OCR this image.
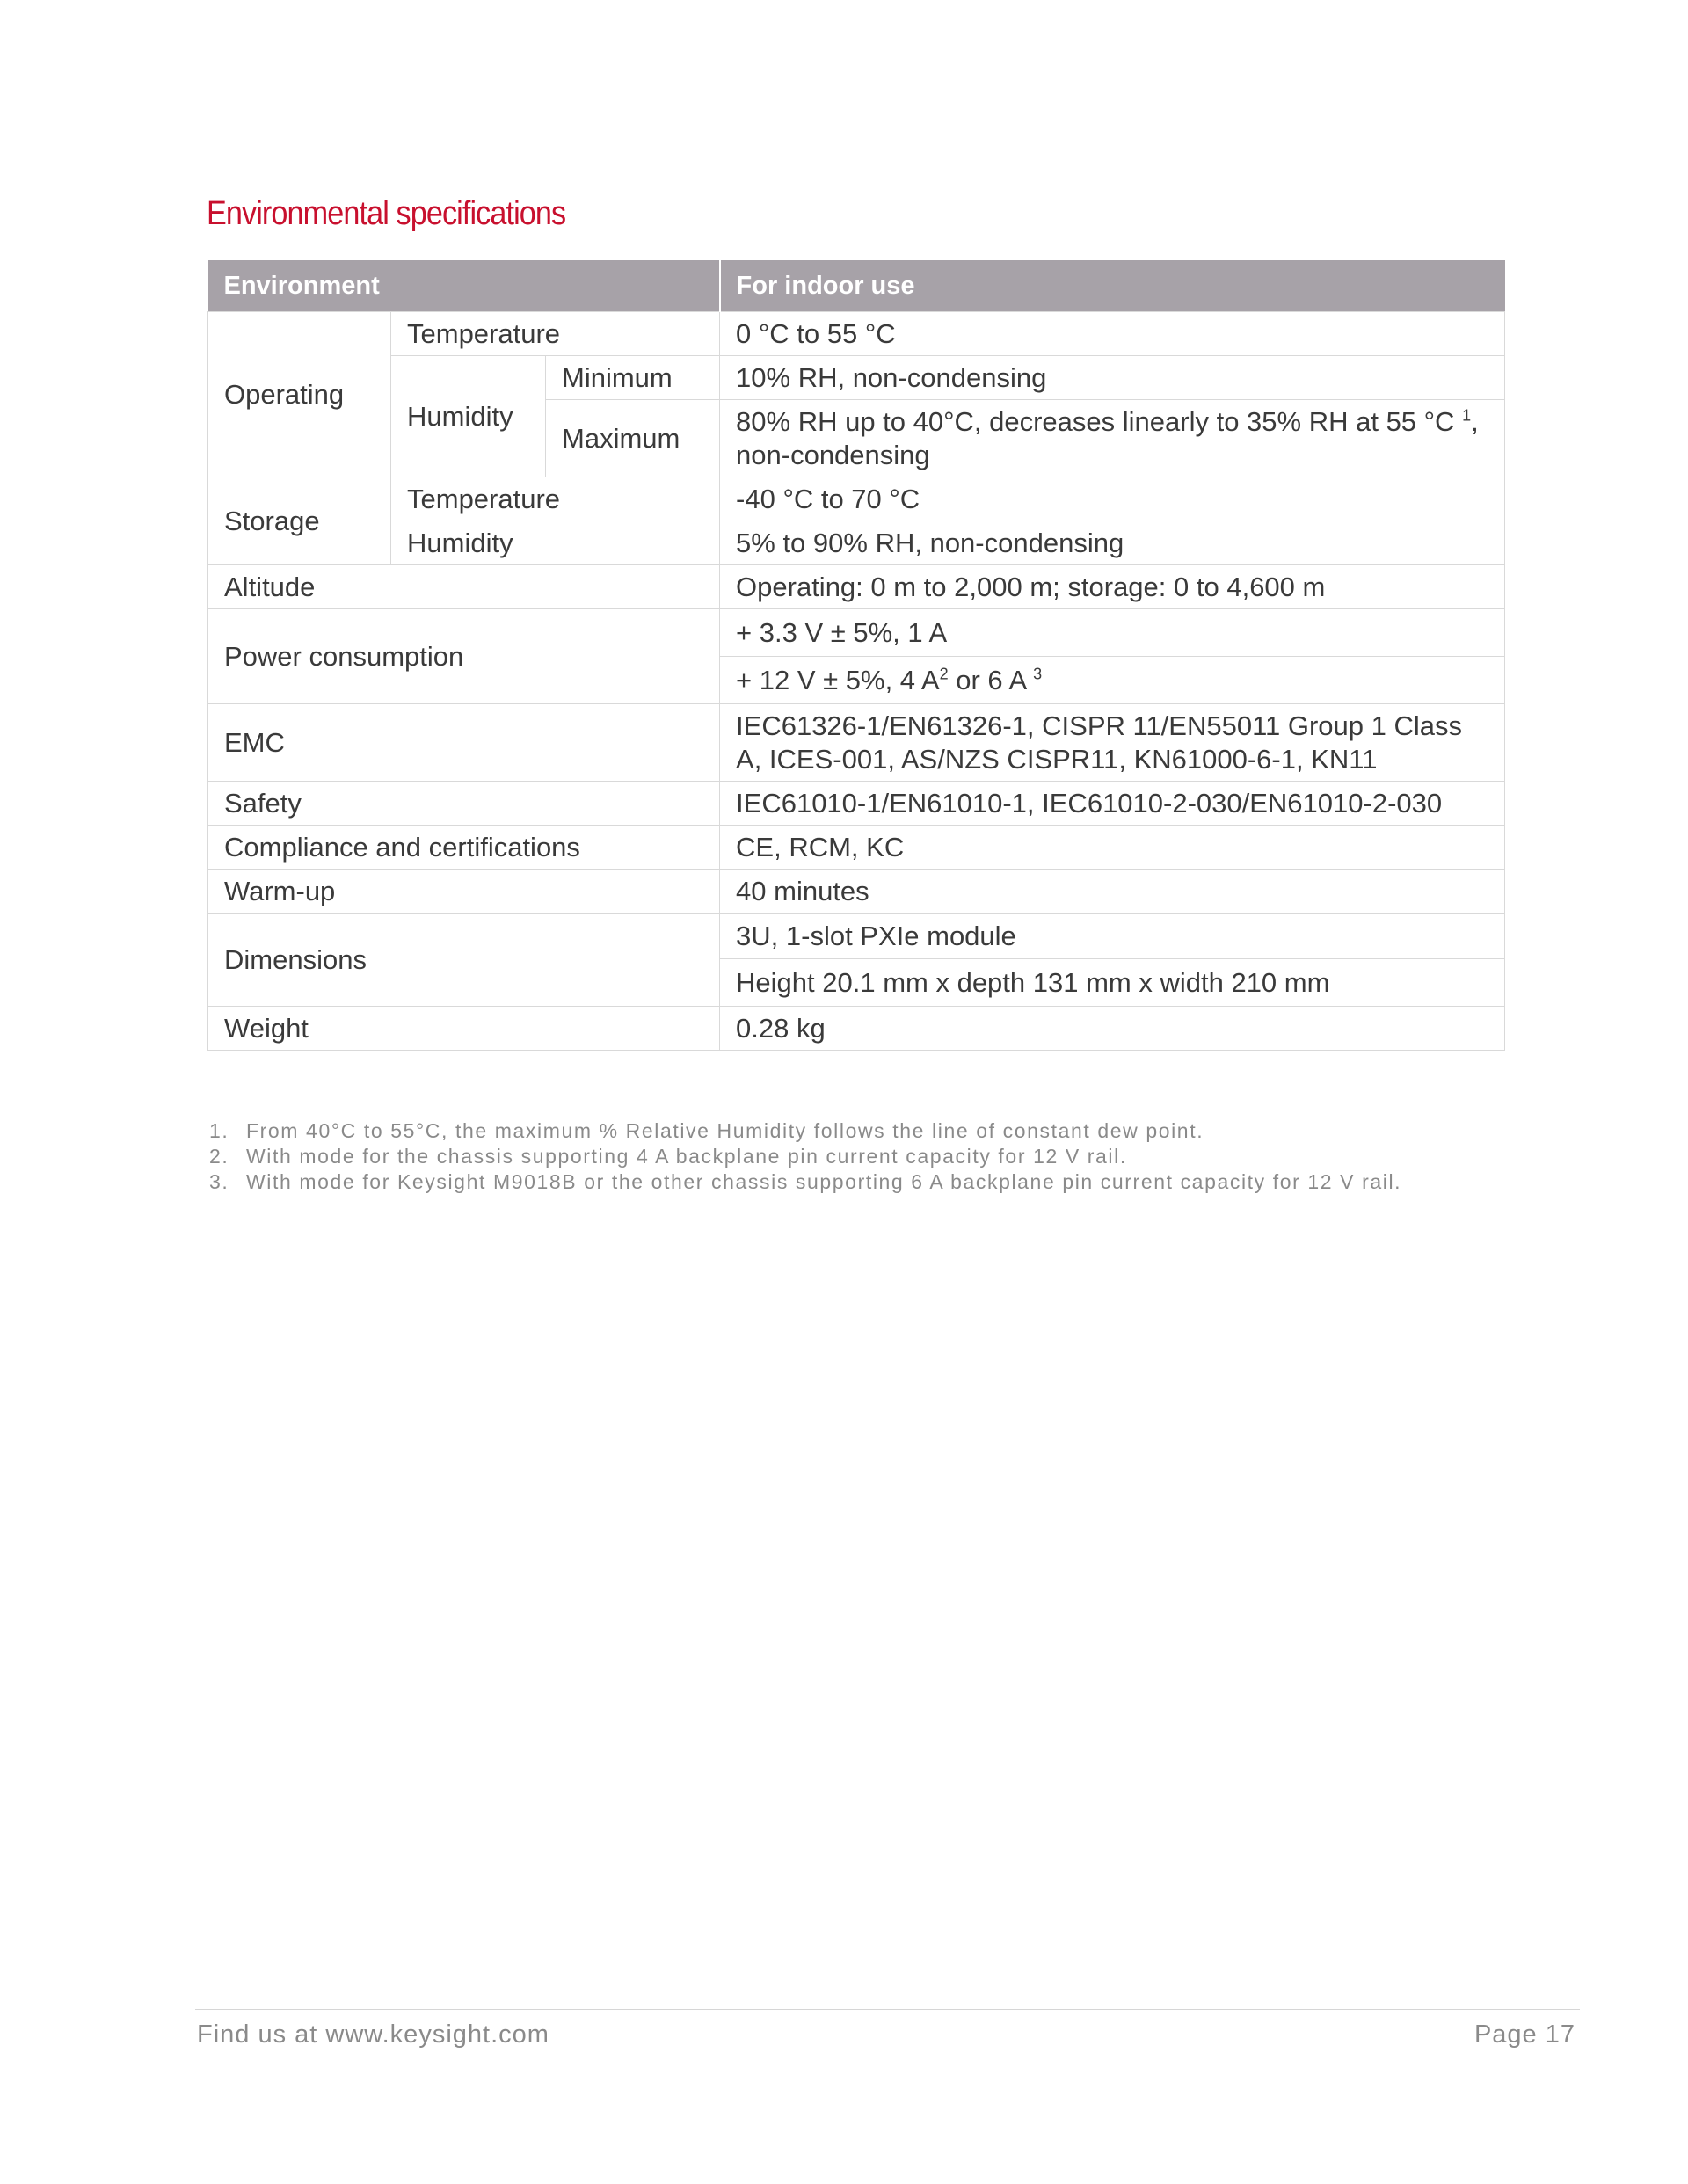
Environmental specifications
Environment			For indoor use
Operating	Temperature		0 °C to 55 °C
	Humidity	Minimum	10% RH, non-condensing
		Maximum	80% RH up to 40°C, decreases linearly to 35% RH at 55 °C $^1$,
non-condensing
Storage	Temperature		-40 °C to 70 °C
	Humidity		5% to 90% RH, non-condensing
Altitude			Operating: 0 m to 2,000 m; storage: 0 to 4,600 m
Power consumption			+ 3.3 V ± 5%, 1 A
			+ 12 V ± 5%, 4 $A^2$ or 6 A $^3$
EMC			IEC61326-1/EN61326-1, CISPR 11/EN55011 Group 1 Class
A, ICES-001, AS/NZS CISPR11, KN61000-6-1, KN11
Safety			IEC61010-1/EN61010-1, IEC61010-2-030/EN61010-2-030
Compliance and certifications			CE, RCM, KC
Warm-up			40 minutes
Dimensions			3U, 1-slot PXIe module
			Height 20.1 mm x depth 131 mm x width 210 mm
Weight			0.28 kg
1. From 40°C to 55°C, the maximum % Relative Humidity follows the line of constant dew point.
2. With mode for the chassis supporting 4 A backplane pin current capacity for 12 V rail.
3. With mode for Keysight M9018B or the other chassis supporting 6 A backplane pin current capacity for 12 V rail.
Find us at www.keysight.com	Page 17
